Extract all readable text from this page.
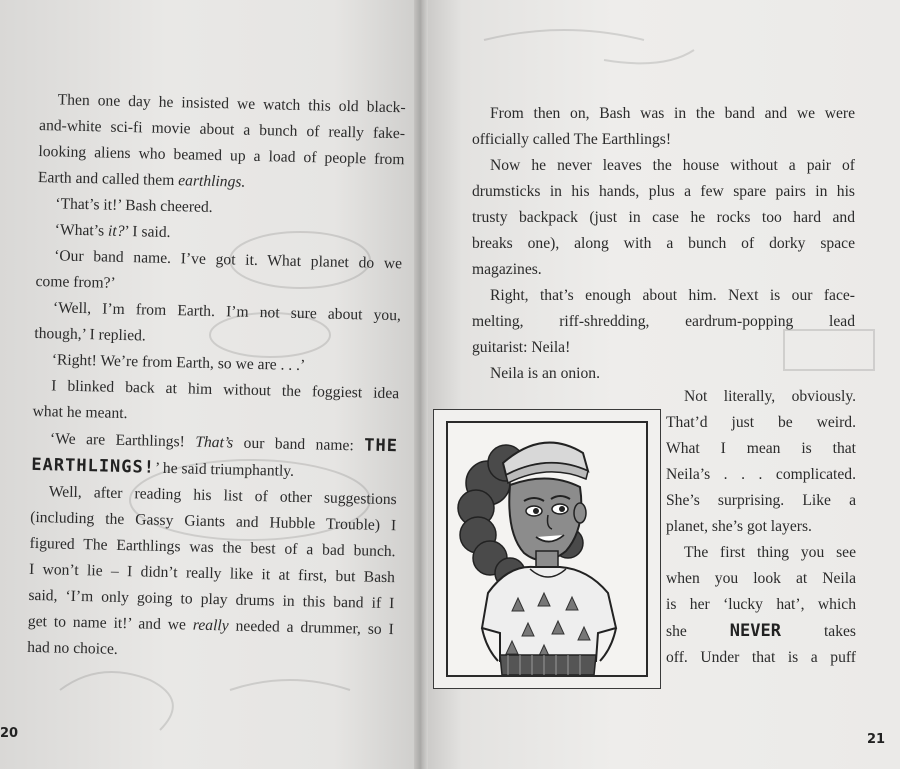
Then one day he insisted we watch this old black-
and-white sci-fi movie about a bunch of really fake-
looking aliens who beamed up a load of people from
Earth and called them earthlings.
‘That’s it!’ Bash cheered.
‘What’s it?’ I said.
‘Our band name. I’ve got it. What planet do we
come from?’
‘Well, I’m from Earth. I’m not sure about you,
though,’ I replied.
‘Right! We’re from Earth, so we are . . .’
I blinked back at him without the foggiest idea
what he meant.
‘We are Earthlings! That’s our band name: THE
EARTHLINGS!’ he said triumphantly.
Well, after reading his list of other suggestions
(including the Gassy Giants and Hubble Trouble) I
figured The Earthlings was the best of a bad bunch.
I won’t lie – I didn’t really like it at first, but Bash
said, ‘I’m only going to play drums in this band if I
get to name it!’ and we really needed a drummer, so I
had no choice.
20
From then on, Bash was in the band and we were
officially called The Earthlings!
Now he never leaves the house without a pair of
drumsticks in his hands, plus a few spare pairs in his
trusty backpack (just in case he rocks too hard and
breaks one), along with a bunch of dorky space
magazines.
Right, that’s enough about him. Next is our face-
melting, riff-shredding, eardrum-popping lead
guitarist: Neila!
Neila is an onion.
Not literally, obviously.
That’d just be weird.
What I mean is that
Neila’s . . . complicated.
She’s surprising. Like a
planet, she’s got layers.
The first thing you see
when you look at Neila
is her ‘lucky hat’, which
she NEVER takes
off. Under that is a puff
21
